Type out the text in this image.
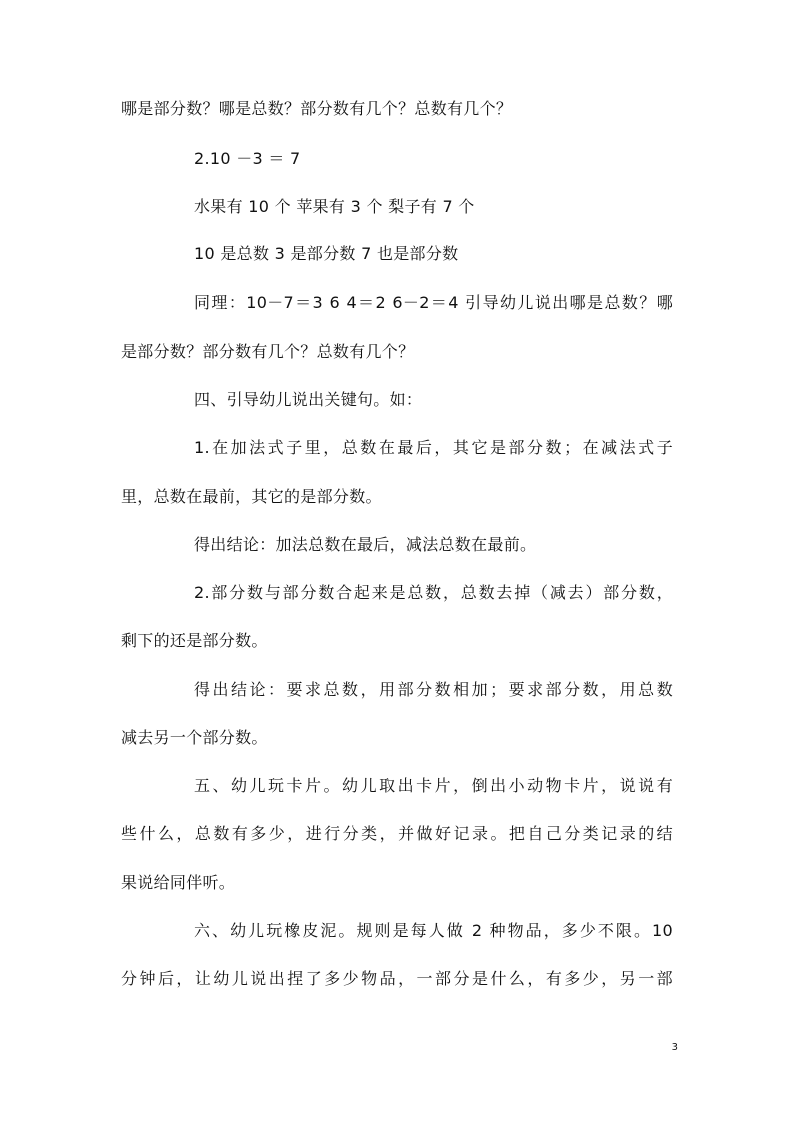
哪是部分数？哪是总数？部分数有几个？总数有几个？
2.10 －3 ＝ 7
水果有 10 个 苹果有 3 个 梨子有 7 个
10 是总数 3 是部分数 7 也是部分数
同理：10－7＝3 6 4＝2 6－2＝4 引导幼儿说出哪是总数？哪
是部分数？部分数有几个？总数有几个？
四、引导幼儿说出关键句。如：
1.在加法式子里，总数在最后，其它是部分数；在减法式子
里，总数在最前，其它的是部分数。
得出结论：加法总数在最后，减法总数在最前。
2.部分数与部分数合起来是总数，总数去掉（减去）部分数，
剩下的还是部分数。
得出结论：要求总数，用部分数相加；要求部分数，用总数
减去另一个部分数。
五、幼儿玩卡片。幼儿取出卡片，倒出小动物卡片，说说有
些什么，总数有多少，进行分类，并做好记录。把自己分类记录的结
果说给同伴听。
六、幼儿玩橡皮泥。规则是每人做 2 种物品，多少不限。10
分钟后，让幼儿说出捏了多少物品，一部分是什么，有多少，另一部
3
